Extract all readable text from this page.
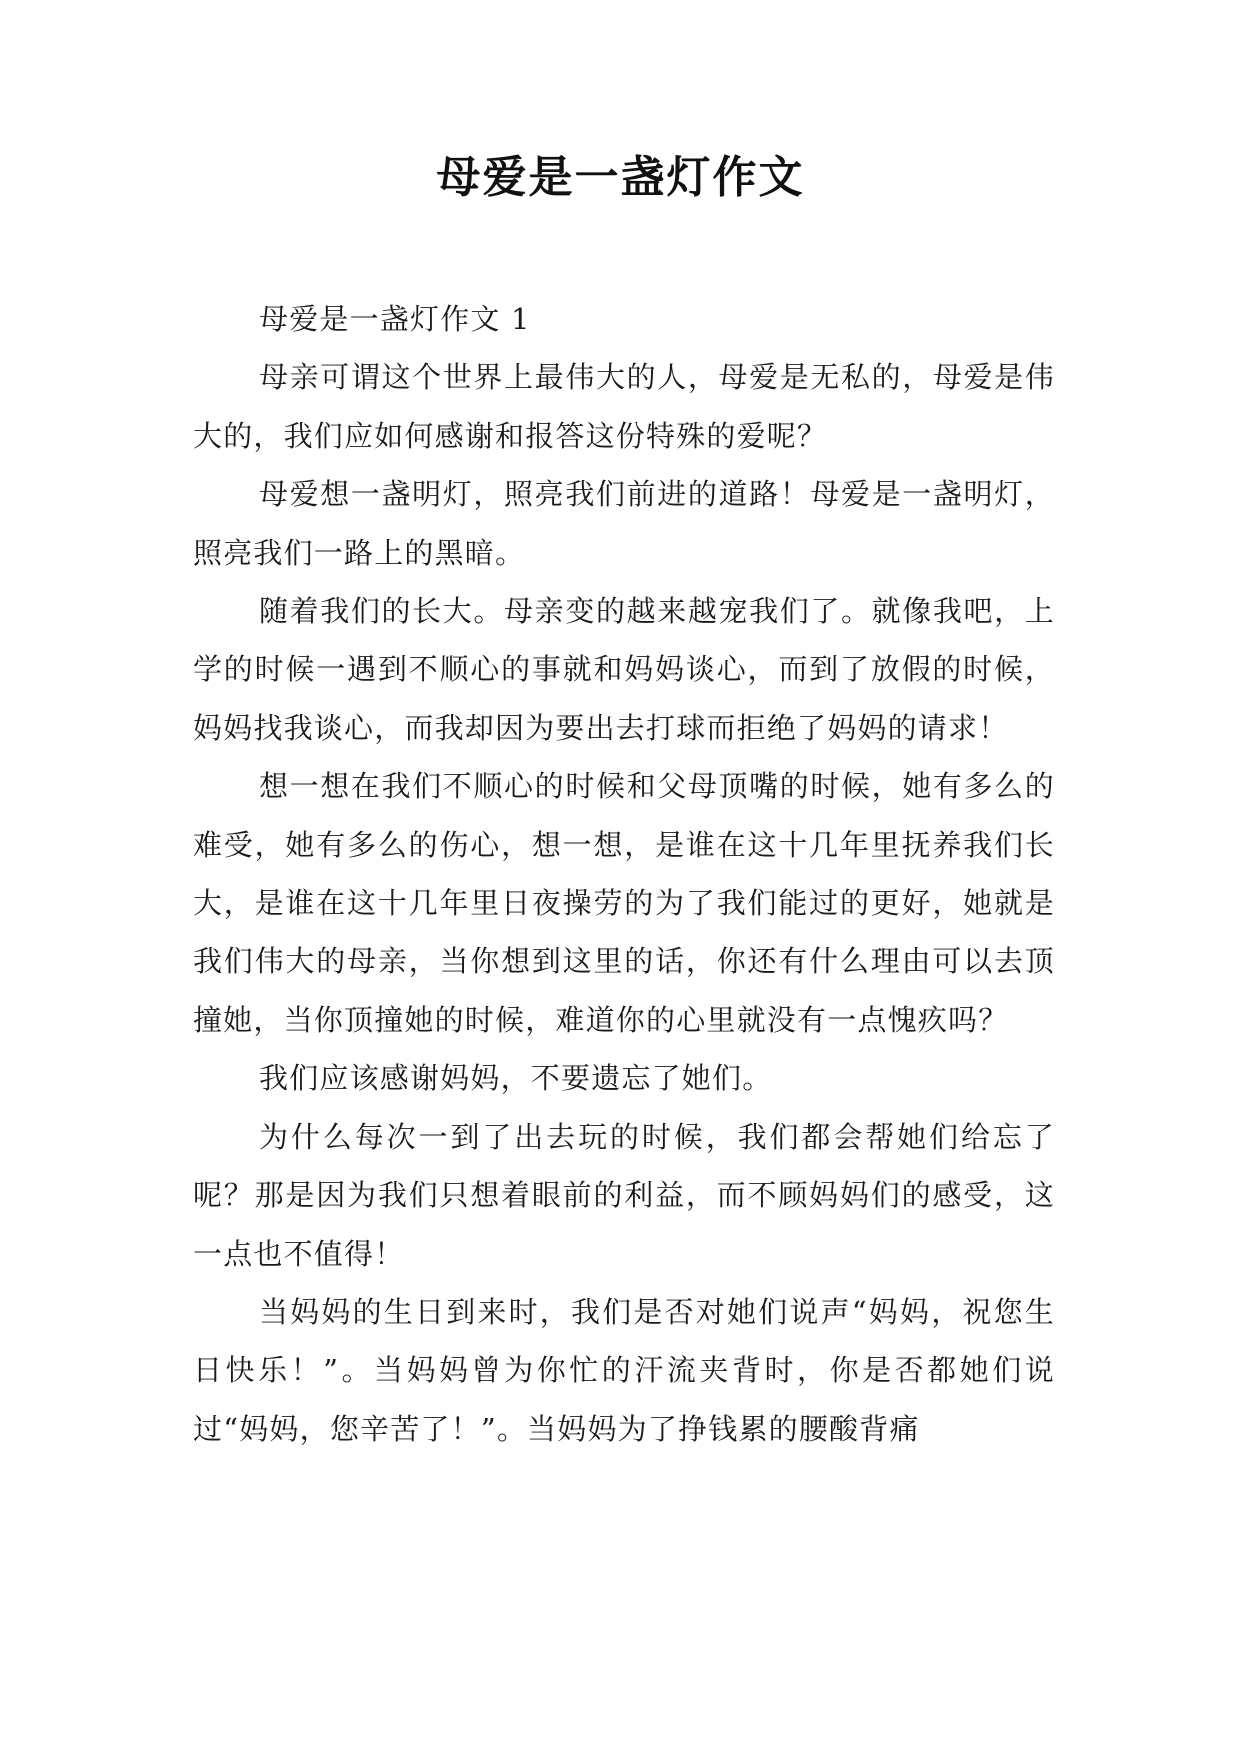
母爱是一盏灯作文

母爱是一盏灯作文 1

母亲可谓这个世界上最伟大的人，母爱是无私的，母爱是伟大的，我们应如何感谢和报答这份特殊的爱呢？

母爱想一盏明灯，照亮我们前进的道路！母爱是一盏明灯，照亮我们一路上的黑暗。

随着我们的长大。母亲变的越来越宠我们了。就像我吧，上学的时候一遇到不顺心的事就和妈妈谈心，而到了放假的时候，妈妈找我谈心，而我却因为要出去打球而拒绝了妈妈的请求！

想一想在我们不顺心的时候和父母顶嘴的时候，她有多么的难受，她有多么的伤心，想一想，是谁在这十几年里抚养我们长大，是谁在这十几年里日夜操劳的为了我们能过的更好，她就是我们伟大的母亲，当你想到这里的话，你还有什么理由可以去顶撞她，当你顶撞她的时候，难道你的心里就没有一点愧疚吗？

我们应该感谢妈妈，不要遗忘了她们。

为什么每次一到了出去玩的时候，我们都会帮她们给忘了呢？那是因为我们只想着眼前的利益，而不顾妈妈们的感受，这一点也不值得！

当妈妈的生日到来时，我们是否对她们说声“妈妈，祝您生日快乐！”。当妈妈曾为你忙的汗流夹背时，你是否都她们说过“妈妈，您辛苦了！”。当妈妈为了挣钱累的腰酸背痛
